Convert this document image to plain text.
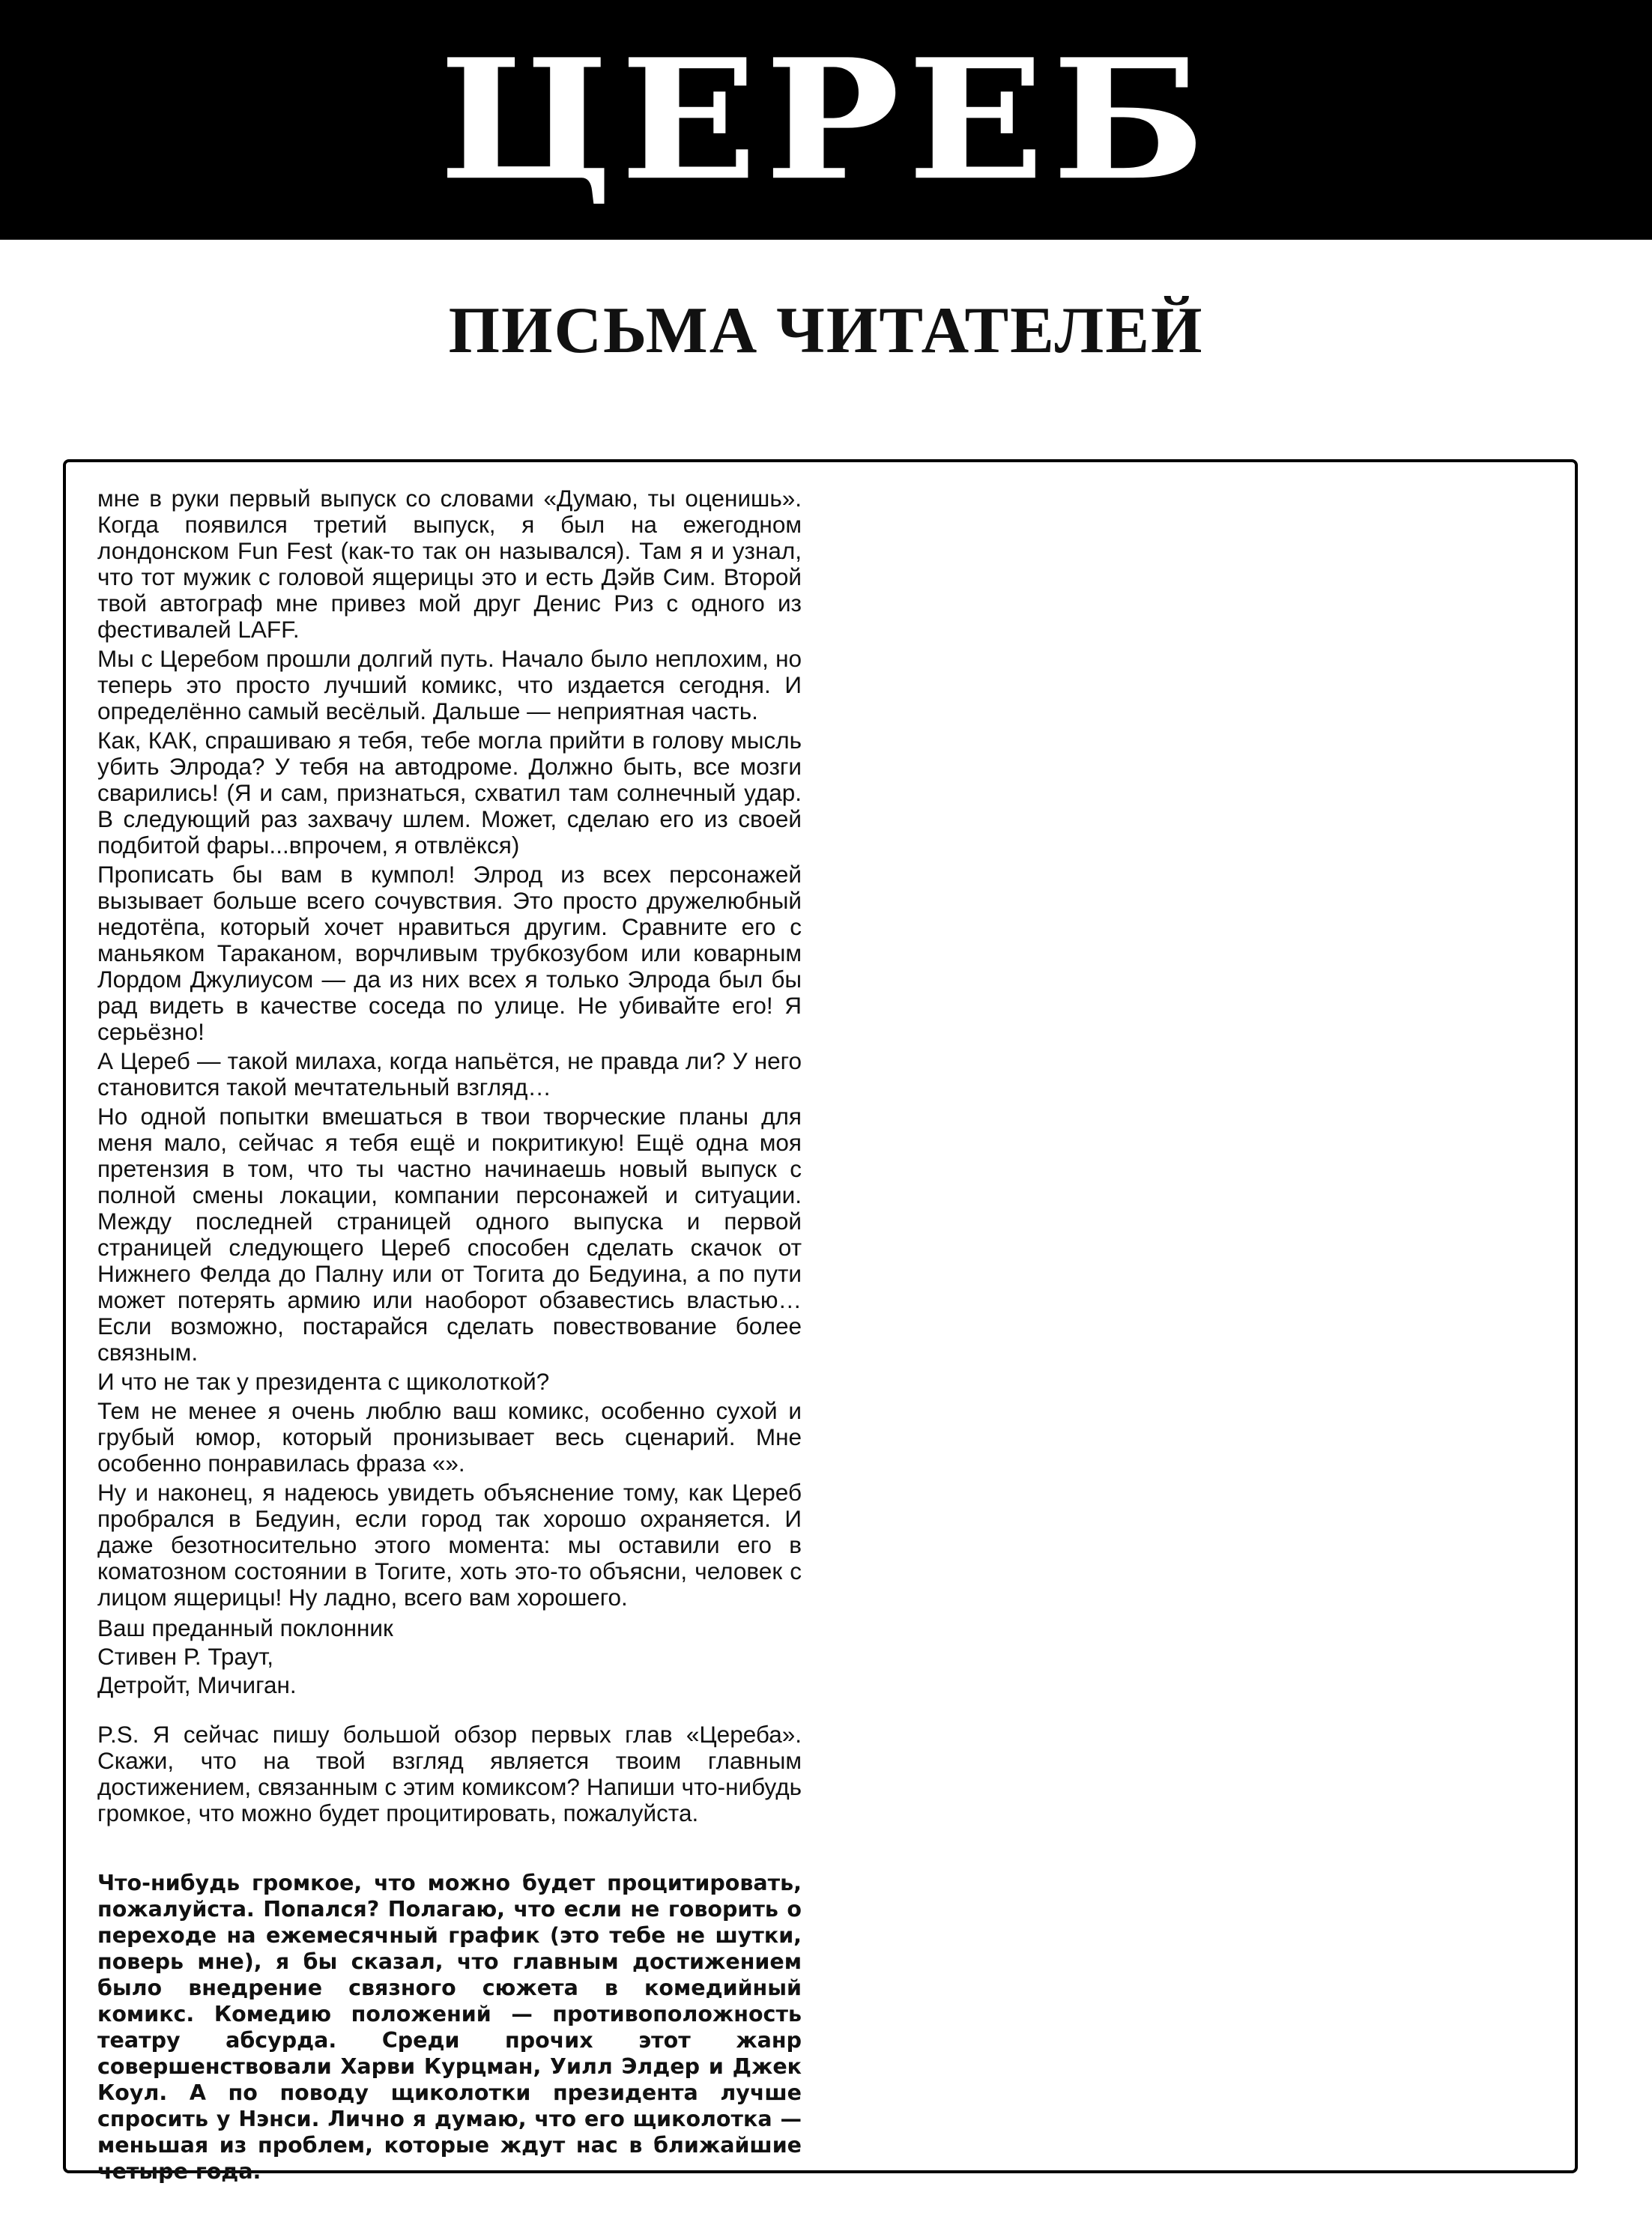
ЦЕРЕБ
ПИСЬМА ЧИТАТЕЛЕЙ

мне в руки первый выпуск со словами «Думаю, ты оценишь». Когда появился третий выпуск, я был на ежегодном лондонском Fun Fest (как-то так он назывался). Там я и узнал, что тот мужик с головой ящерицы это и есть Дэйв Сим. Второй твой автограф мне привез мой друг Денис Риз с одного из фестивалей LAFF.

Мы с Церебом прошли долгий путь. Начало было неплохим, но теперь это просто лучший комикс, что издается сегодня. И определённо самый весёлый. Дальше — неприятная часть.

Как, КАК, спрашиваю я тебя, тебе могла прийти в голову мысль убить Элрода? У тебя на автодроме. Должно быть, все мозги сварились! (Я и сам, признаться, схватил там солнечный удар. В следующий раз захвачу шлем. Может, сделаю его из своей подбитой фары...впрочем, я отвлёкся)

Прописать бы вам в кумпол! Элрод из всех персонажей вызывает больше всего сочувствия. Это просто дружелюбный недотёпа, который хочет нравиться другим. Сравните его с маньяком Тараканом, ворчливым трубкозубом или коварным Лордом Джулиусом — да из них всех я только Элрода был бы рад видеть в качестве соседа по улице. Не убивайте его! Я серьёзно!

А Цереб — такой милаха, когда напьётся, не правда ли? У него становится такой мечтательный взгляд…

Но одной попытки вмешаться в твои творческие планы для меня мало, сейчас я тебя ещё и покритикую! Ещё одна моя претензия в том, что ты частно начинаешь новый выпуск с полной смены локации, компании персонажей и ситуации. Между последней страницей одного выпуска и первой страницей следующего Цереб способен сделать скачок от Нижнего Фелда до Палну или от Тогита до Бедуина, а по пути может потерять армию или наоборот обзавестись властью… Если возможно, постарайся сделать повествование более связным.

И что не так у президента с щиколоткой?

Тем не менее я очень люблю ваш комикс, особенно сухой и грубый юмор, который пронизывает весь сценарий. Мне особенно понравилась фраза «».

Ну и наконец, я надеюсь увидеть объяснение тому, как Цереб пробрался в Бедуин, если город так хорошо охраняется. И даже безотносительно этого момента: мы оставили его в коматозном состоянии в Тогите, хоть это-то объясни, человек с лицом ящерицы! Ну ладно, всего вам хорошего.

Ваш преданный поклонник

Стивен Р. Траут,

Детройт, Мичиган.

P.S. Я сейчас пишу большой обзор первых глав «Цереба». Скажи, что на твой взгляд является твоим главным достижением, связанным с этим комиксом? Напиши что-нибудь громкое, что можно будет процитировать, пожалуйста.

Что-нибудь громкое, что можно будет процитировать, пожалуйста. Попался? Полагаю, что если не говорить о переходе на ежемесячный график (это тебе не шутки, поверь мне), я бы сказал, что главным достижением было внедрение связного сюжета в комедийный комикс. Комедию положений — противоположность театру абсурда. Среди прочих этот жанр совершенствовали Харви Курцман, Уилл Элдер и Джек Коул. А по поводу щиколотки президента лучше спросить у Нэнси. Лично я думаю, что его щиколотка — меньшая из проблем, которые ждут нас в ближайшие четыре года.
